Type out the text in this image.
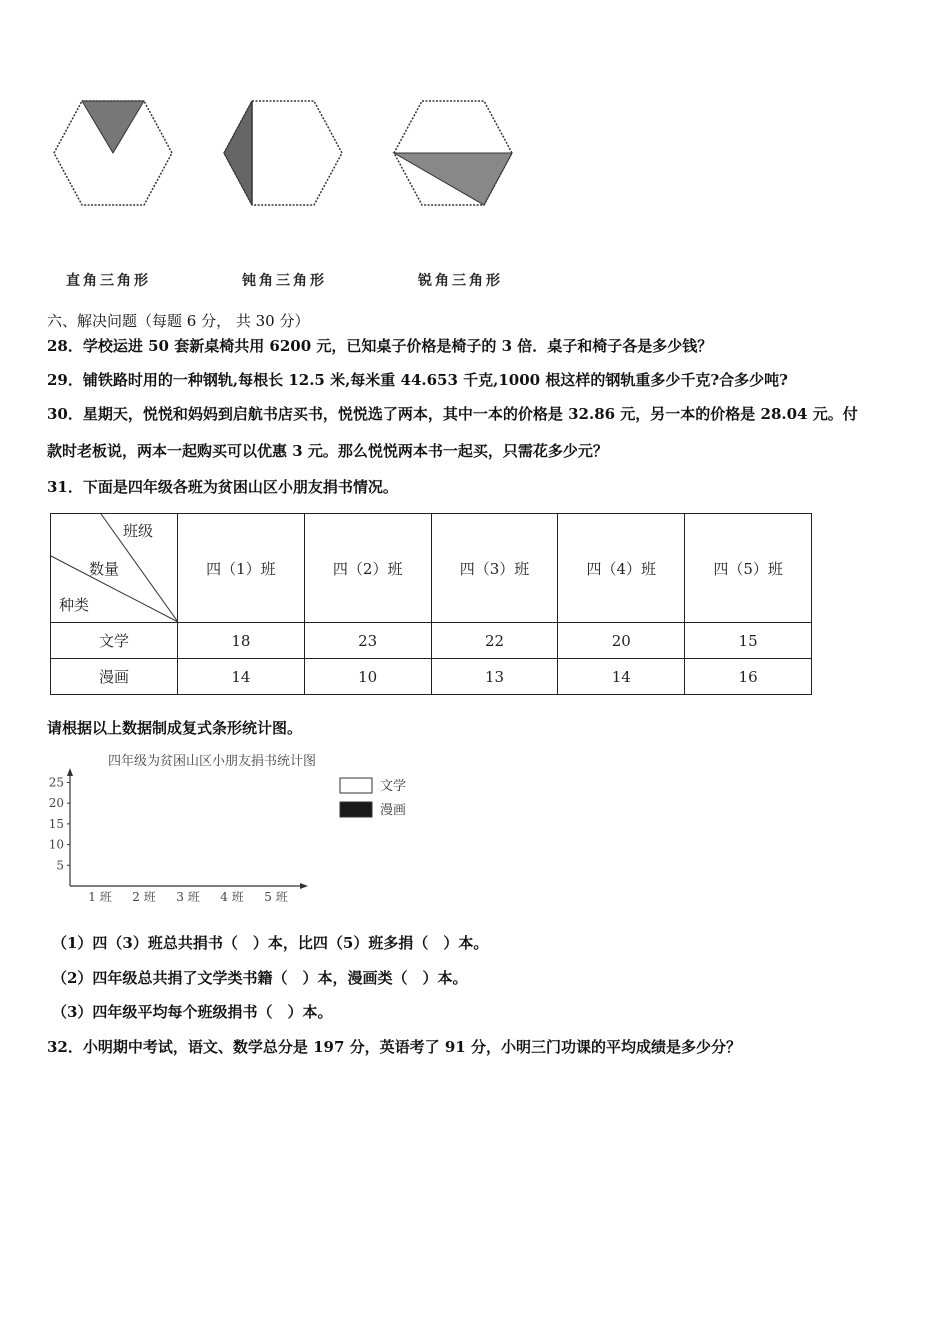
直角三角形	钝角三角形	锐角三角形
六、解决问题（每题 6 分， 共 30 分）
28．学校运进 50 套新桌椅共用 6200 元，已知桌子价格是椅子的 3 倍．桌子和椅子各是多少钱？
29．铺铁路时用的一种钢轨,每根长 12.5 米,每米重 44.653 千克,1000 根这样的钢轨重多少千克?合多少吨?
30．星期天，悦悦和妈妈到启航书店买书，悦悦选了两本，其中一本的价格是 32.86 元，另一本的价格是 28.04 元。付
款时老板说，两本一起购买可以优惠 3 元。那么悦悦两本书一起买，只需花多少元？
31．下面是四年级各班为贫困山区小朋友捐书情况。
班级
数量
种类	四（1）班	四（2）班	四（3）班	四（4）班	四（5）班
文学	18	23	22	20	15
漫画	14	10	13	14	16
请根据以上数据制成复式条形统计图。
四年级为贫困山区小朋友捐书统计图
5
10
15
20
25
1 班 2 班 3 班 4 班 5 班
文学
漫画
（1）四（3）班总共捐书（　）本，比四（5）班多捐（　）本。
（2）四年级总共捐了文学类书籍（　）本，漫画类（　）本。
（3）四年级平均每个班级捐书（　）本。
32．小明期中考试，语文、数学总分是 197 分，英语考了 91 分，小明三门功课的平均成绩是多少分？
